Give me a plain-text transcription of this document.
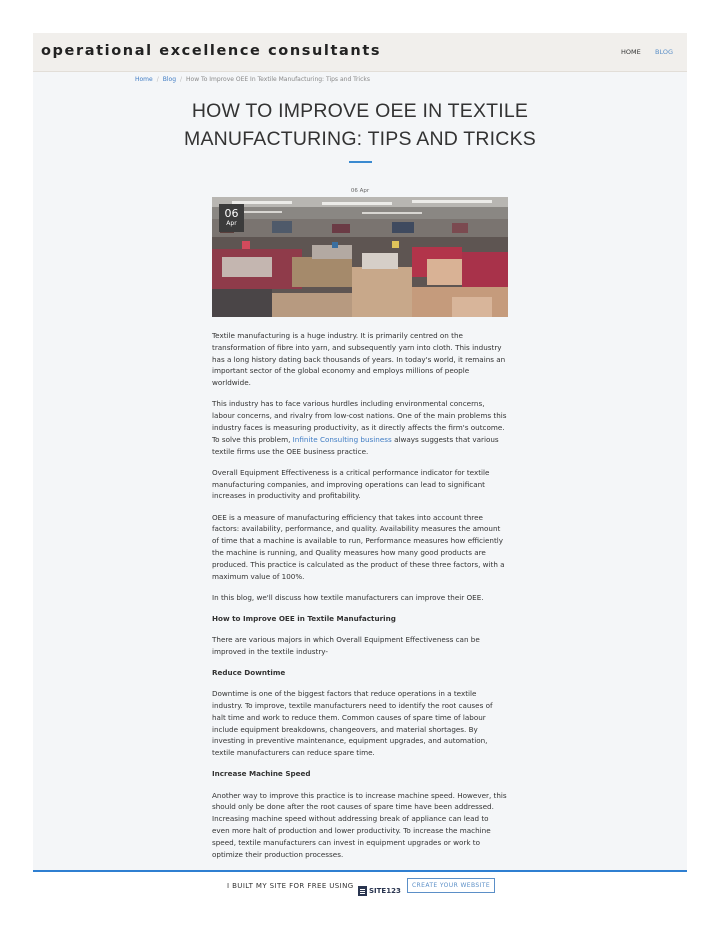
operational excellence consultants	HOME BLOG
Home / Blog / How To Improve OEE In Textile Manufacturing: Tips and Tricks
HOW TO IMPROVE OEE IN TEXTILE
MANUFACTURING: TIPS AND TRICKS
06 Apr
06
Apr

Textile manufacturing is a huge industry. It is primarily centred on the transformation of fibre into yarn, and subsequently yarn into cloth. This industry has a long history dating back thousands of years. In today's world, it remains an important sector of the global economy and employs millions of people worldwide.

This industry has to face various hurdles including environmental concerns, labour concerns, and rivalry from low-cost nations. One of the main problems this industry faces is measuring productivity, as it directly affects the firm's outcome. To solve this problem, Infinite Consulting business always suggests that various textile firms use the OEE business practice.

Overall Equipment Effectiveness is a critical performance indicator for textile manufacturing companies, and improving operations can lead to significant increases in productivity and profitability.

OEE is a measure of manufacturing efficiency that takes into account three factors: availability, performance, and quality. Availability measures the amount of time that a machine is available to run, Performance measures how efficiently the machine is running, and Quality measures how many good products are produced. This practice is calculated as the product of these three factors, with a maximum value of 100%.

In this blog, we'll discuss how textile manufacturers can improve their OEE.

How to Improve OEE in Textile Manufacturing

There are various majors in which Overall Equipment Effectiveness can be improved in the textile industry-

Reduce Downtime

Downtime is one of the biggest factors that reduce operations in a textile industry. To improve, textile manufacturers need to identify the root causes of halt time and work to reduce them. Common causes of spare time of labour include equipment breakdowns, changeovers, and material shortages. By investing in preventive maintenance, equipment upgrades, and automation, textile manufacturers can reduce spare time.

Increase Machine Speed

Another way to improve this practice is to increase machine speed. However, this should only be done after the root causes of spare time have been addressed. Increasing machine speed without addressing break of appliance can lead to even more halt of production and lower productivity. To increase the machine speed, textile manufacturers can invest in equipment upgrades or work to optimize their production processes.

I BUILT MY SITE FOR FREE USING
SITE123
CREATE YOUR WEBSITE
